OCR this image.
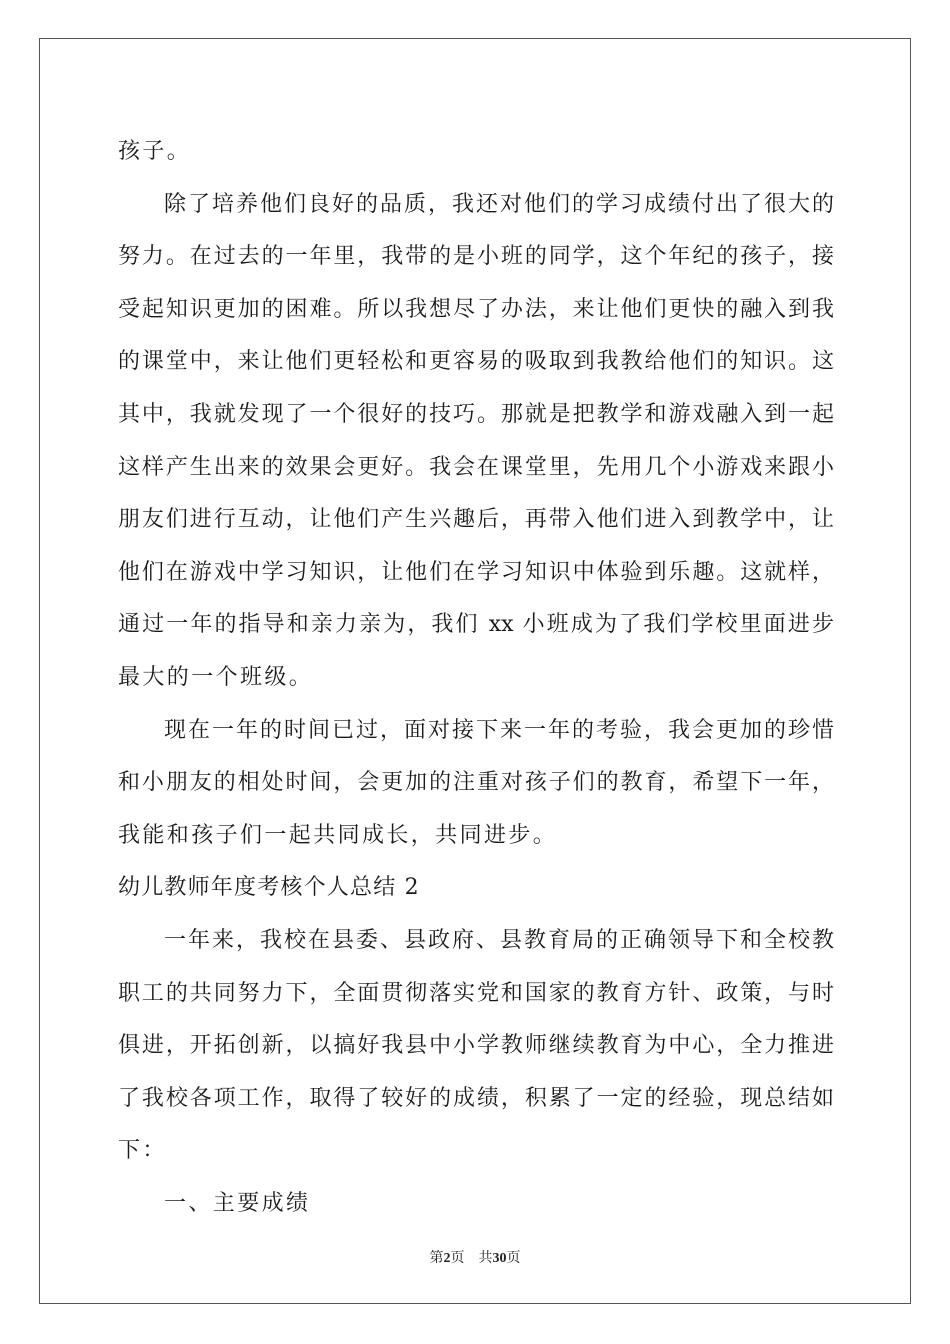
孩子。
除了培养他们良好的品质，我还对他们的学习成绩付出了很大的
努力。在过去的一年里，我带的是小班的同学，这个年纪的孩子，接
受起知识更加的困难。所以我想尽了办法，来让他们更快的融入到我
的课堂中，来让他们更轻松和更容易的吸取到我教给他们的知识。这
其中，我就发现了一个很好的技巧。那就是把教学和游戏融入到一起
这样产生出来的效果会更好。我会在课堂里，先用几个小游戏来跟小
朋友们进行互动，让他们产生兴趣后，再带入他们进入到教学中，让
他们在游戏中学习知识，让他们在学习知识中体验到乐趣。这就样，
通过一年的指导和亲力亲为，我们 xx 小班成为了我们学校里面进步
最大的一个班级。
现在一年的时间已过，面对接下来一年的考验，我会更加的珍惜
和小朋友的相处时间，会更加的注重对孩子们的教育，希望下一年，
我能和孩子们一起共同成长，共同进步。
幼儿教师年度考核个人总结 2
一年来，我校在县委、县政府、县教育局的正确领导下和全校教
职工的共同努力下，全面贯彻落实党和国家的教育方针、政策，与时
俱进，开拓创新，以搞好我县中小学教师继续教育为中心，全力推进
了我校各项工作，取得了较好的成绩，积累了一定的经验，现总结如
下：
一、主要成绩
第2页 共30页
